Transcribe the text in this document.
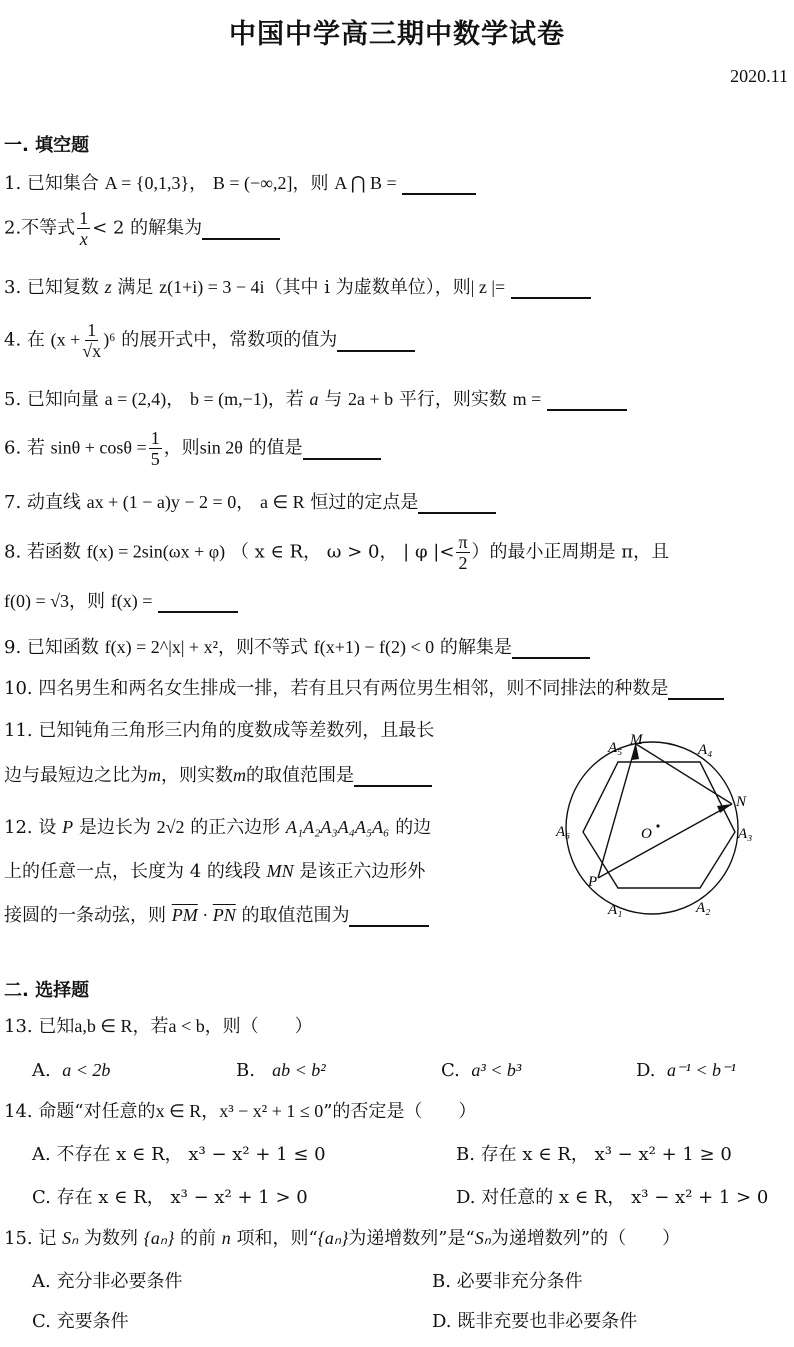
中国中学高三期中数学试卷
2020.11
一. 填空题
1. 已知集合 A = {0,1,3}， B = (−∞,2]，则 A ⋂ B =
2.不等式 $\frac{1}{x} < 2$ 的解集为
3. 已知复数 z 满足 z(1+i) = 3 − 4i（其中 i 为虚数单位），则| z |=
4. 在 $(x + \frac{1}{√x} )^6$ 的展开式中，常数项的值为
5. 已知向量 a = (2,4)， b = (m,−1)，若 a 与 2a + b 平行，则实数 m =
6. 若 $\sin\theta + \cos\theta = \frac{1}{5}$ ，则sin 2θ 的值是
7. 动直线 ax + (1 − a)y − 2 = 0， a ∈ R 恒过的定点是
8. 若函数 f(x) = 2sin(ωx + φ) （ x ∈ R， ω > 0， | φ |< $\frac{\pi}{2}$ ）的最小正周期是 π，且
f(0) = √3，则 f(x) =
9. 已知函数 f(x) = 2^|x| + x²，则不等式 f(x+1) − f(2) < 0 的解集是
10. 四名男生和两名女生排成一排，若有且只有两位男生相邻，则不同排法的种数是
11. 已知钝角三角形三内角的度数成等差数列，且最长
边与最短边之比为m，则实数m的取值范围是
12. 设 P 是边长为 2√2 的正六边形 A₁A₂A₃A₄A₅A₆ 的边
上的任意一点，长度为 4 的线段 MN 是该正六边形外
接圆的一条动弦，则 $\overline{PM} \cdot \overline{PN}$ 的取值范围为
A₅ M
A₄
N
A₃
A₆	O
P
A₁	A₂
二. 选择题
13. 已知a,b ∈ R，若a < b，则（　　）
A. a < 2b	B. ab < b²	C. a³ < b³	D. a⁻¹ < b⁻¹
14. 命题“对任意的x ∈ R，x³ − x² + 1 ≤ 0”的否定是（　　）
A. 不存在 x ∈ R， x³ − x² + 1 ≤ 0	B. 存在 x ∈ R， x³ − x² + 1 ≥ 0
C. 存在 x ∈ R， x³ − x² + 1 > 0	D. 对任意的 x ∈ R， x³ − x² + 1 > 0
15. 记 Sₙ 为数列 {aₙ} 的前 n 项和，则“{aₙ}为递增数列”是“Sₙ为递增数列”的（　　）
A. 充分非必要条件	B. 必要非充分条件
C. 充要条件	D. 既非充要也非必要条件
